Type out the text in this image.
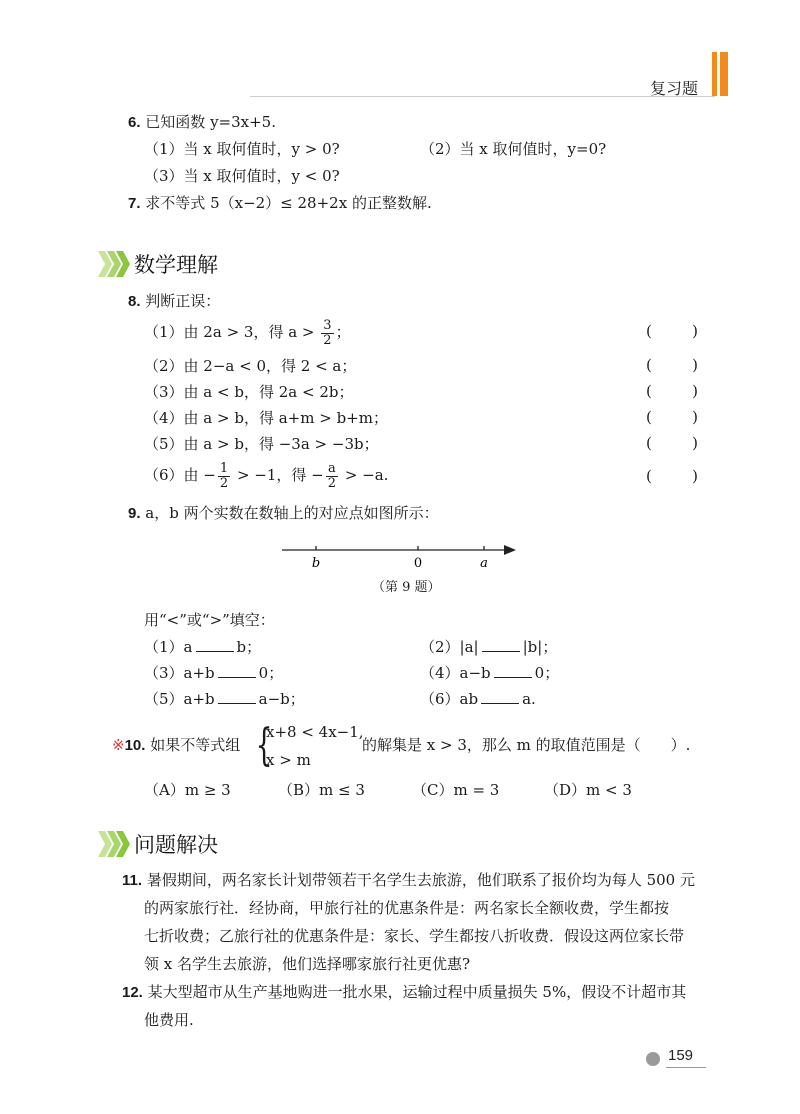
复习题
6. 已知函数 y=3x+5.
（1）当 x 取何值时，y > 0?	（2）当 x 取何值时，y=0?
（3）当 x 取何值时，y < 0?
7. 求不等式 5（x−2）≤ 28+2x 的正整数解.
数学理解
8. 判断正误：
（1）由 2a > 3，得 $a > \frac{3}{2}$ ；	(	)
（2）由 2−a < 0，得 2 < a；	(	)
（3）由 a < b，得 2a < 2b；	(	)
（4）由 a > b，得 a+m > b+m；	(	)
（5）由 a > b，得 −3a > −3b；	(	)
（6）由 − $\frac{1}{2} > -1$，得 − $\frac{a}{2} > -a$.	(	)
9. a，b 两个实数在数轴上的对应点如图所示：
b	0	a
（第 9 题）
用“<”或“>”填空：
（1）a	b；	（2）|a|	|b|；
（3）a+b	0；	（4）a−b	0；
（5）a+b	a−b；	（6）ab	a.
※10. 如果不等式组 {
x+8 < 4x−1,
x > m
的解集是 x > 3，那么 m 的取值范围是（　　）.
（A）m ≥ 3	（B）m ≤ 3	（C）m = 3	（D）m < 3
问题解决
11. 暑假期间，两名家长计划带领若干名学生去旅游，他们联系了报价均为每人 500 元
的两家旅行社．经协商，甲旅行社的优惠条件是：两名家长全额收费，学生都按
七折收费；乙旅行社的优惠条件是：家长、学生都按八折收费．假设这两位家长带
领 x 名学生去旅游，他们选择哪家旅行社更优惠?
12. 某大型超市从生产基地购进一批水果，运输过程中质量损失 5%，假设不计超市其
他费用.
159
